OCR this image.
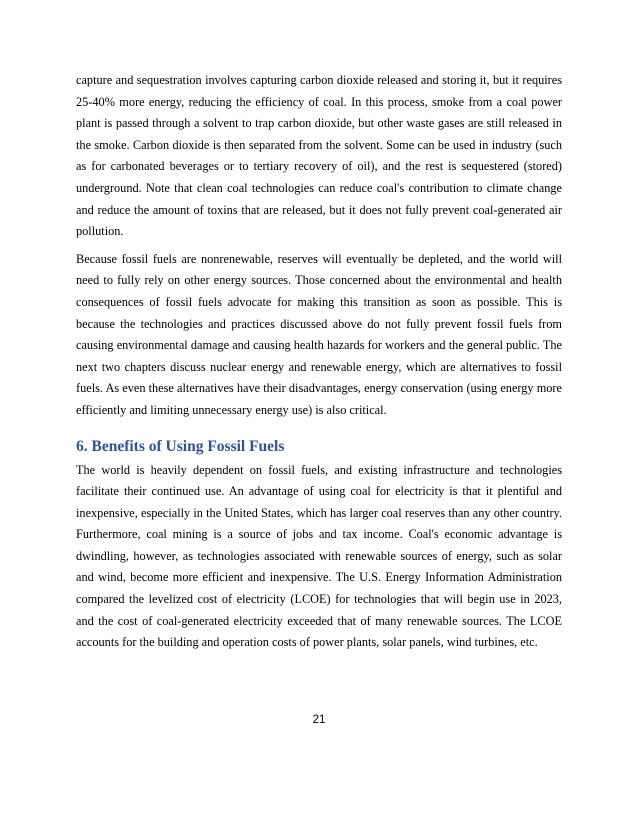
capture and sequestration involves capturing carbon dioxide released and storing it, but it requires 25-40% more energy, reducing the efficiency of coal. In this process, smoke from a coal power plant is passed through a solvent to trap carbon dioxide, but other waste gases are still released in the smoke. Carbon dioxide is then separated from the solvent. Some can be used in industry (such as for carbonated beverages or to tertiary recovery of oil), and the rest is sequestered (stored) underground. Note that clean coal technologies can reduce coal's contribution to climate change and reduce the amount of toxins that are released, but it does not fully prevent coal-generated air pollution.

Because fossil fuels are nonrenewable, reserves will eventually be depleted, and the world will need to fully rely on other energy sources. Those concerned about the environmental and health consequences of fossil fuels advocate for making this transition as soon as possible. This is because the technologies and practices discussed above do not fully prevent fossil fuels from causing environmental damage and causing health hazards for workers and the general public. The next two chapters discuss nuclear energy and renewable energy, which are alternatives to fossil fuels. As even these alternatives have their disadvantages, energy conservation (using energy more efficiently and limiting unnecessary energy use) is also critical.

6. Benefits of Using Fossil Fuels

The world is heavily dependent on fossil fuels, and existing infrastructure and technologies facilitate their continued use. An advantage of using coal for electricity is that it plentiful and inexpensive, especially in the United States, which has larger coal reserves than any other country. Furthermore, coal mining is a source of jobs and tax income. Coal's economic advantage is dwindling, however, as technologies associated with renewable sources of energy, such as solar and wind, become more efficient and inexpensive. The U.S. Energy Information Administration compared the levelized cost of electricity (LCOE) for technologies that will begin use in 2023, and the cost of coal-generated electricity exceeded that of many renewable sources. The LCOE accounts for the building and operation costs of power plants, solar panels, wind turbines, etc.

21
